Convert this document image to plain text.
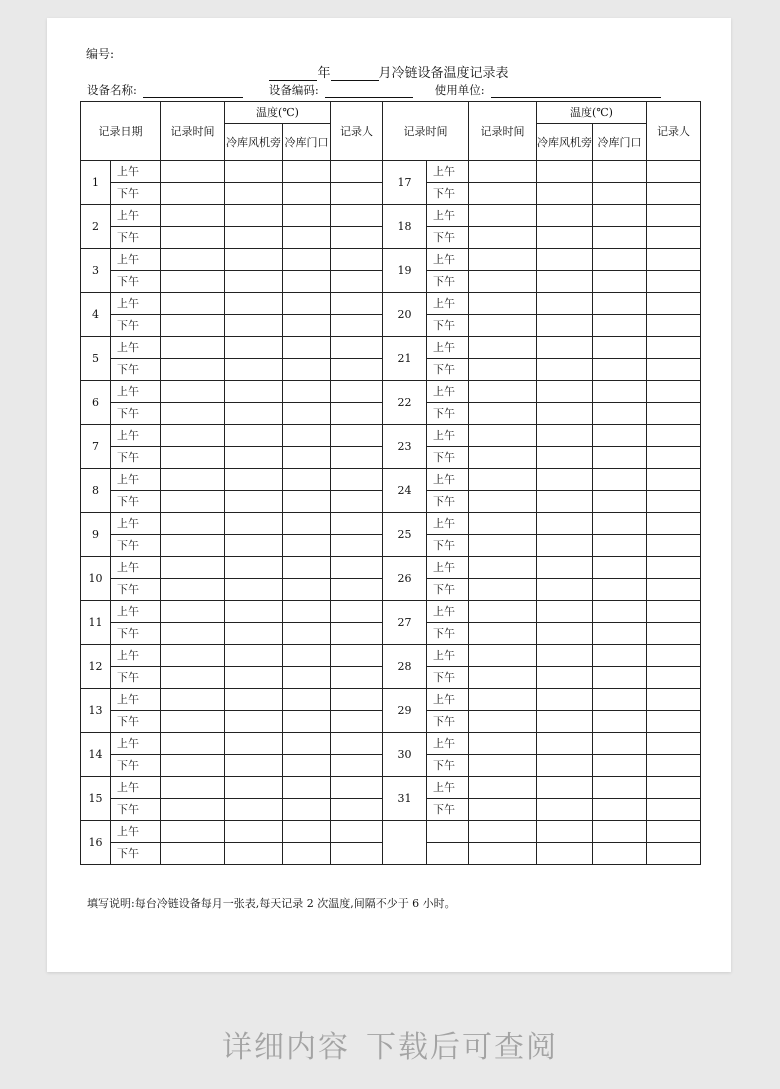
编号:
年	月冷链设备温度记录表
设备名称:	设备编码:	使用单位:
记录日期		记录时间	温度(℃)		记录人	记录时间		记录时间	温度(℃)		记录人
			冷库风机旁	冷库门口					冷库风机旁	冷库门口	
1	上午					17	上午				
	下午						下午				
2	上午					18	上午				
	下午						下午				
3	上午					19	上午				
	下午						下午				
4	上午					20	上午				
	下午						下午				
5	上午					21	上午				
	下午						下午				
6	上午					22	上午				
	下午						下午				
7	上午					23	上午				
	下午						下午				
8	上午					24	上午				
	下午						下午				
9	上午					25	上午				
	下午						下午				
10	上午					26	上午				
	下午						下午				
11	上午					27	上午				
	下午						下午				
12	上午					28	上午				
	下午						下午				
13	上午					29	上午				
	下午						下午				
14	上午					30	上午				
	下午						下午				
15	上午					31	上午				
	下午						下午				
16	上午										
	下午										
填写说明:每台冷链设备每月一张表,每天记录 2 次温度,间隔不少于 6 小时。
详细内容 下载后可查阅
